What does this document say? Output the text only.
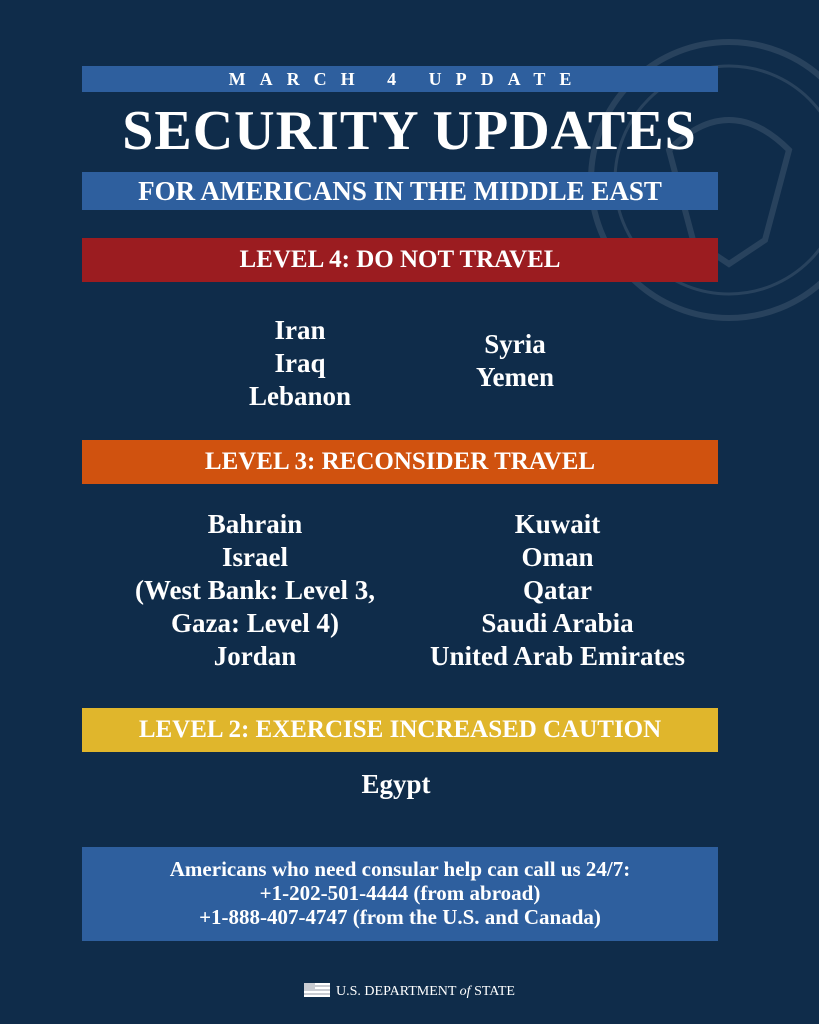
MARCH 4 UPDATE
SECURITY UPDATES
FOR AMERICANS IN THE MIDDLE EAST
LEVEL 4: DO NOT TRAVEL
Iran
Iraq
Lebanon
Syria
Yemen
LEVEL 3: RECONSIDER TRAVEL
Bahrain
Israel
(West Bank: Level 3,
Gaza: Level 4)
Jordan
Kuwait
Oman
Qatar
Saudi Arabia
United Arab Emirates
LEVEL 2: EXERCISE INCREASED CAUTION
Egypt
Americans who need consular help can call us 24/7:
+1-202-501-4444 (from abroad)
+1-888-407-4747 (from the U.S. and Canada)
U.S. DEPARTMENT of STATE
